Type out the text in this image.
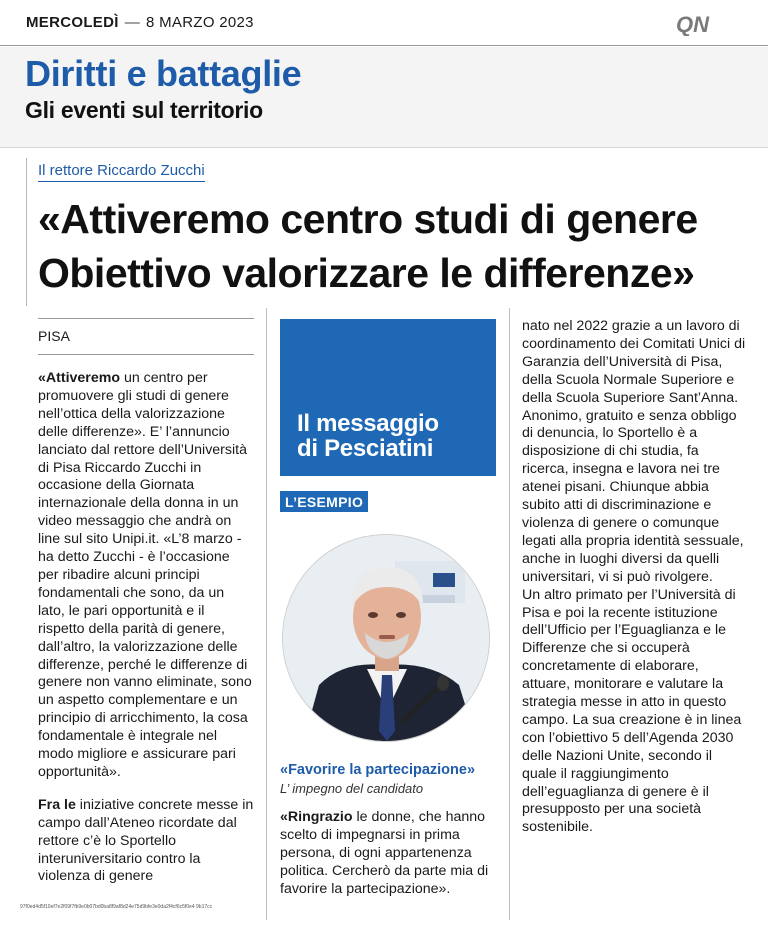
MERCOLEDÌ — 8 MARZO 2023	QN
Diritti e battaglie
Gli eventi sul territorio
Il rettore Riccardo Zucchi
«Attiveremo centro studi di genere
Obiettivo valorizzare le differenze»
PISA

«Attiveremo un centro per promuovere gli studi di genere nell’ottica della valorizzazione delle differenze». E’ l’annuncio lanciato dal rettore dell’Università di Pisa Riccardo Zucchi in occasione della Giornata internazionale della donna in un video messaggio che andrà on line sul sito Unipi.it. «L’8 marzo - ha detto Zucchi - è l’occasione per ribadire alcuni principi fondamentali che sono, da un lato, le pari opportunità e il rispetto della parità di genere, dall’altro, la valorizzazione delle differenze, perché le differenze di genere non vanno eliminate, sono un aspetto complementare e un principio di arricchimento, la cosa fondamentale è integrale nel modo migliore e assicurare pari opportunità».

Fra le iniziative concrete messe in campo dall’Ateneo ricordate dal rettore c’è lo Sportello interuniversitario contro la violenza di genere

Il messaggio
di Pesciatini
L’ESEMPIO
«Favorire la partecipazione»
L’ impegno del candidato

«Ringrazio le donne, che hanno scelto di impegnarsi in prima persona, di ogni appartenenza politica. Cercherò da parte mia di favorire la partecipazione».

nato nel 2022 grazie a un lavoro di coordinamento dei Comitati Unici di Garanzia dell’Università di Pisa, della Scuola Normale Superiore e della Scuola Superiore Sant’Anna. Anonimo, gratuito e senza obbligo di denuncia, lo Sportello è a disposizione di chi studia, fa ricerca, insegna e lavora nei tre atenei pisani. Chiunque abbia subito atti di discriminazione e violenza di genere o comunque legati alla propria identità sessuale, anche in luoghi diversi da quelli universitari, vi si può rivolgere.

Un altro primato per l’Università di Pisa e poi la recente istituzione dell’Ufficio per l’Eguaglianza e le Differenze che si occuperà concretamente di elaborare, attuare, monitorare e valutare la strategia messe in atto in questo campo. La sua creazione è in linea con l’obiettivo 5 dell’Agenda 2030 delle Nazioni Unite, secondo il quale il raggiungimento dell’eguaglianza di genere è il presupposto per una società sostenibile.

97f0ed4d5f10ef7e2f09f7fb9e0b07bd0ba8f9af8d24e75d9bfe3e0da2f4cf6c5f0e4 9b17cc
